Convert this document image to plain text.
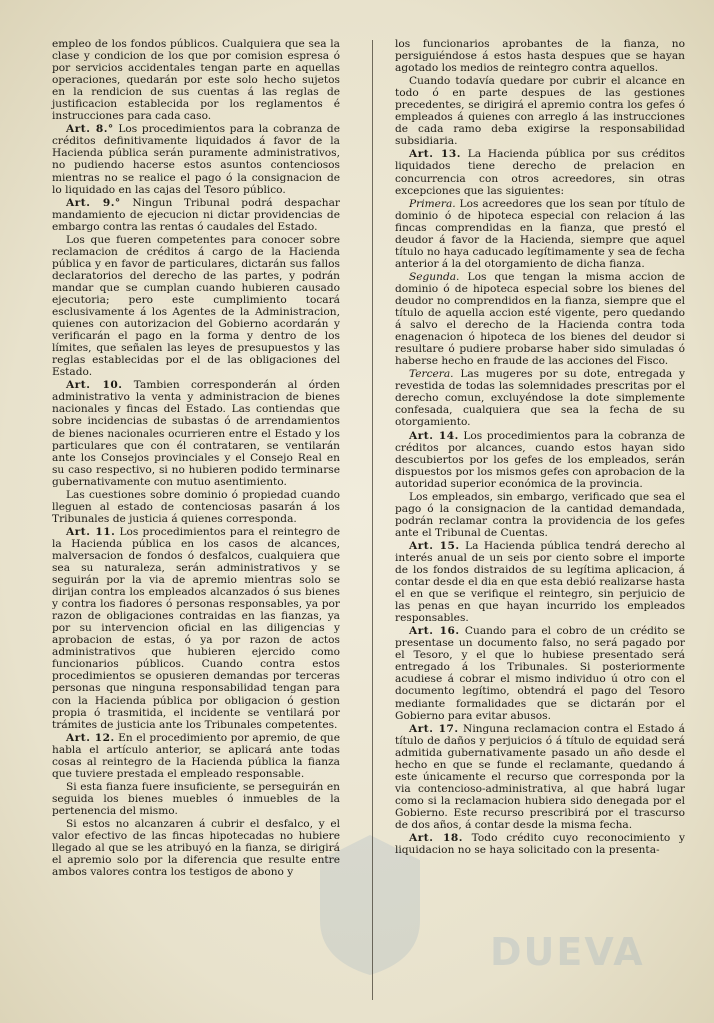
DUEVA

empleo de los fondos públicos. Cualquiera que sea la clase y condicion de los que por comision espresa ó por servicios accidentales tengan parte en aquellas operaciones, quedarán por este solo hecho sujetos en la rendicion de sus cuentas á las reglas de justificacion establecida por los reglamentos é instrucciones para cada caso.

Art. 8.° Los procedimientos para la cobranza de créditos definitivamente liquidados á favor de la Hacienda pública serán puramente administrativos, no pudiendo hacerse estos asuntos contenciosos mientras no se realice el pago ó la consignacion de lo liquidado en las cajas del Tesoro público.

Art. 9.° Ningun Tribunal podrá despachar mandamiento de ejecucion ni dictar providencias de embargo contra las rentas ó caudales del Estado.

Los que fueren competentes para conocer sobre reclamacion de créditos á cargo de la Hacienda pública y en favor de particulares, dictarán sus fallos declaratorios del derecho de las partes, y podrán mandar que se cumplan cuando hubieren causado ejecutoria; pero este cumplimiento tocará esclusivamente á los Agentes de la Administracion, quienes con autorizacion del Gobierno acordarán y verificarán el pago en la forma y dentro de los límites, que señalen las leyes de presupuestos y las reglas establecidas por el de las obligaciones del Estado.

Art. 10. Tambien corresponderán al órden administrativo la venta y administracion de bienes nacionales y fincas del Estado. Las contiendas que sobre incidencias de subastas ó de arrendamientos de bienes nacionales ocurrieren entre el Estado y los particulares que con él contrataren, se ventilarán ante los Consejos provinciales y el Consejo Real en su caso respectivo, si no hubieren podido terminarse gubernativamente con mutuo asentimiento.

Las cuestiones sobre dominio ó propiedad cuando lleguen al estado de contenciosas pasarán á los Tribunales de justicia á quienes corresponda.

Art. 11. Los procedimientos para el reintegro de la Hacienda pública en los casos de alcances, malversacion de fondos ó desfalcos, cualquiera que sea su naturaleza, serán administrativos y se seguirán por la via de apremio mientras solo se dirijan contra los empleados alcanzados ó sus bienes y contra los fiadores ó personas responsables, ya por razon de obligaciones contraidas en las fianzas, ya por su intervencion oficial en las diligencias y aprobacion de estas, ó ya por razon de actos administrativos que hubieren ejercido como funcionarios públicos. Cuando contra estos procedimientos se opusieren demandas por terceras personas que ninguna responsabilidad tengan para con la Hacienda pública por obligacion ó gestion propia ó trasmitida, el incidente se ventilará por trámites de justicia ante los Tribunales competentes.

Art. 12. En el procedimiento por apremio, de que habla el artículo anterior, se aplicará ante todas cosas al reintegro de la Hacienda pública la fianza que tuviere prestada el empleado responsable.

Si esta fianza fuere insuficiente, se perseguirán en seguida los bienes muebles ó inmuebles de la pertenencia del mismo.

Si estos no alcanzaren á cubrir el desfalco, y el valor efectivo de las fincas hipotecadas no hubiere llegado al que se les atribuyó en la fianza, se dirigirá el apremio solo por la diferencia que resulte entre ambos valores contra los testigos de abono y

los funcionarios aprobantes de la fianza, no persiguiéndose á estos hasta despues que se hayan agotado los medios de reintegro contra aquellos.

Cuando todavía quedare por cubrir el alcance en todo ó en parte despues de las gestiones precedentes, se dirigirá el apremio contra los gefes ó empleados á quienes con arreglo á las instrucciones de cada ramo deba exigirse la responsabilidad subsidiaria.

Art. 13. La Hacienda pública por sus créditos liquidados tiene derecho de prelacion en concurrencia con otros acreedores, sin otras excepciones que las siguientes:

Primera. Los acreedores que los sean por título de dominio ó de hipoteca especial con relacion á las fincas comprendidas en la fianza, que prestó el deudor á favor de la Hacienda, siempre que aquel título no haya caducado legítimamente y sea de fecha anterior á la del otorgamiento de dicha fianza.

Segunda. Los que tengan la misma accion de dominio ó de hipoteca especial sobre los bienes del deudor no comprendidos en la fianza, siempre que el título de aquella accion esté vigente, pero quedando á salvo el derecho de la Hacienda contra toda enagenacion ó hipoteca de los bienes del deudor si resultare ó pudiere probarse haber sido simuladas ó haberse hecho en fraude de las acciones del Fisco.

Tercera. Las mugeres por su dote, entregada y revestida de todas las solemnidades prescritas por el derecho comun, excluyéndose la dote simplemente confesada, cualquiera que sea la fecha de su otorgamiento.

Art. 14. Los procedimientos para la cobranza de créditos por alcances, cuando estos hayan sido descubiertos por los gefes de los empleados, serán dispuestos por los mismos gefes con aprobacion de la autoridad superior económica de la provincia.

Los empleados, sin embargo, verificado que sea el pago ó la consignacion de la cantidad demandada, podrán reclamar contra la providencia de los gefes ante el Tribunal de Cuentas.

Art. 15. La Hacienda pública tendrá derecho al interés anual de un seis por ciento sobre el importe de los fondos distraidos de su legítima aplicacion, á contar desde el dia en que esta debió realizarse hasta el en que se verifique el reintegro, sin perjuicio de las penas en que hayan incurrido los empleados responsables.

Art. 16. Cuando para el cobro de un crédito se presentase un documento falso, no será pagado por el Tesoro, y el que lo hubiese presentado será entregado á los Tribunales. Si posteriormente acudiese á cobrar el mismo individuo ú otro con el documento legítimo, obtendrá el pago del Tesoro mediante formalidades que se dictarán por el Gobierno para evitar abusos.

Art. 17. Ninguna reclamacion contra el Estado á título de daños y perjuicios ó á título de equidad será admitida gubernativamente pasado un año desde el hecho en que se funde el reclamante, quedando á este únicamente el recurso que corresponda por la via contencioso-administrativa, al que habrá lugar como si la reclamacion hubiera sido denegada por el Gobierno. Este recurso prescribirá por el trascurso de dos años, á contar desde la misma fecha.

Art. 18. Todo crédito cuyo reconocimiento y liquidacion no se haya solicitado con la presenta-
